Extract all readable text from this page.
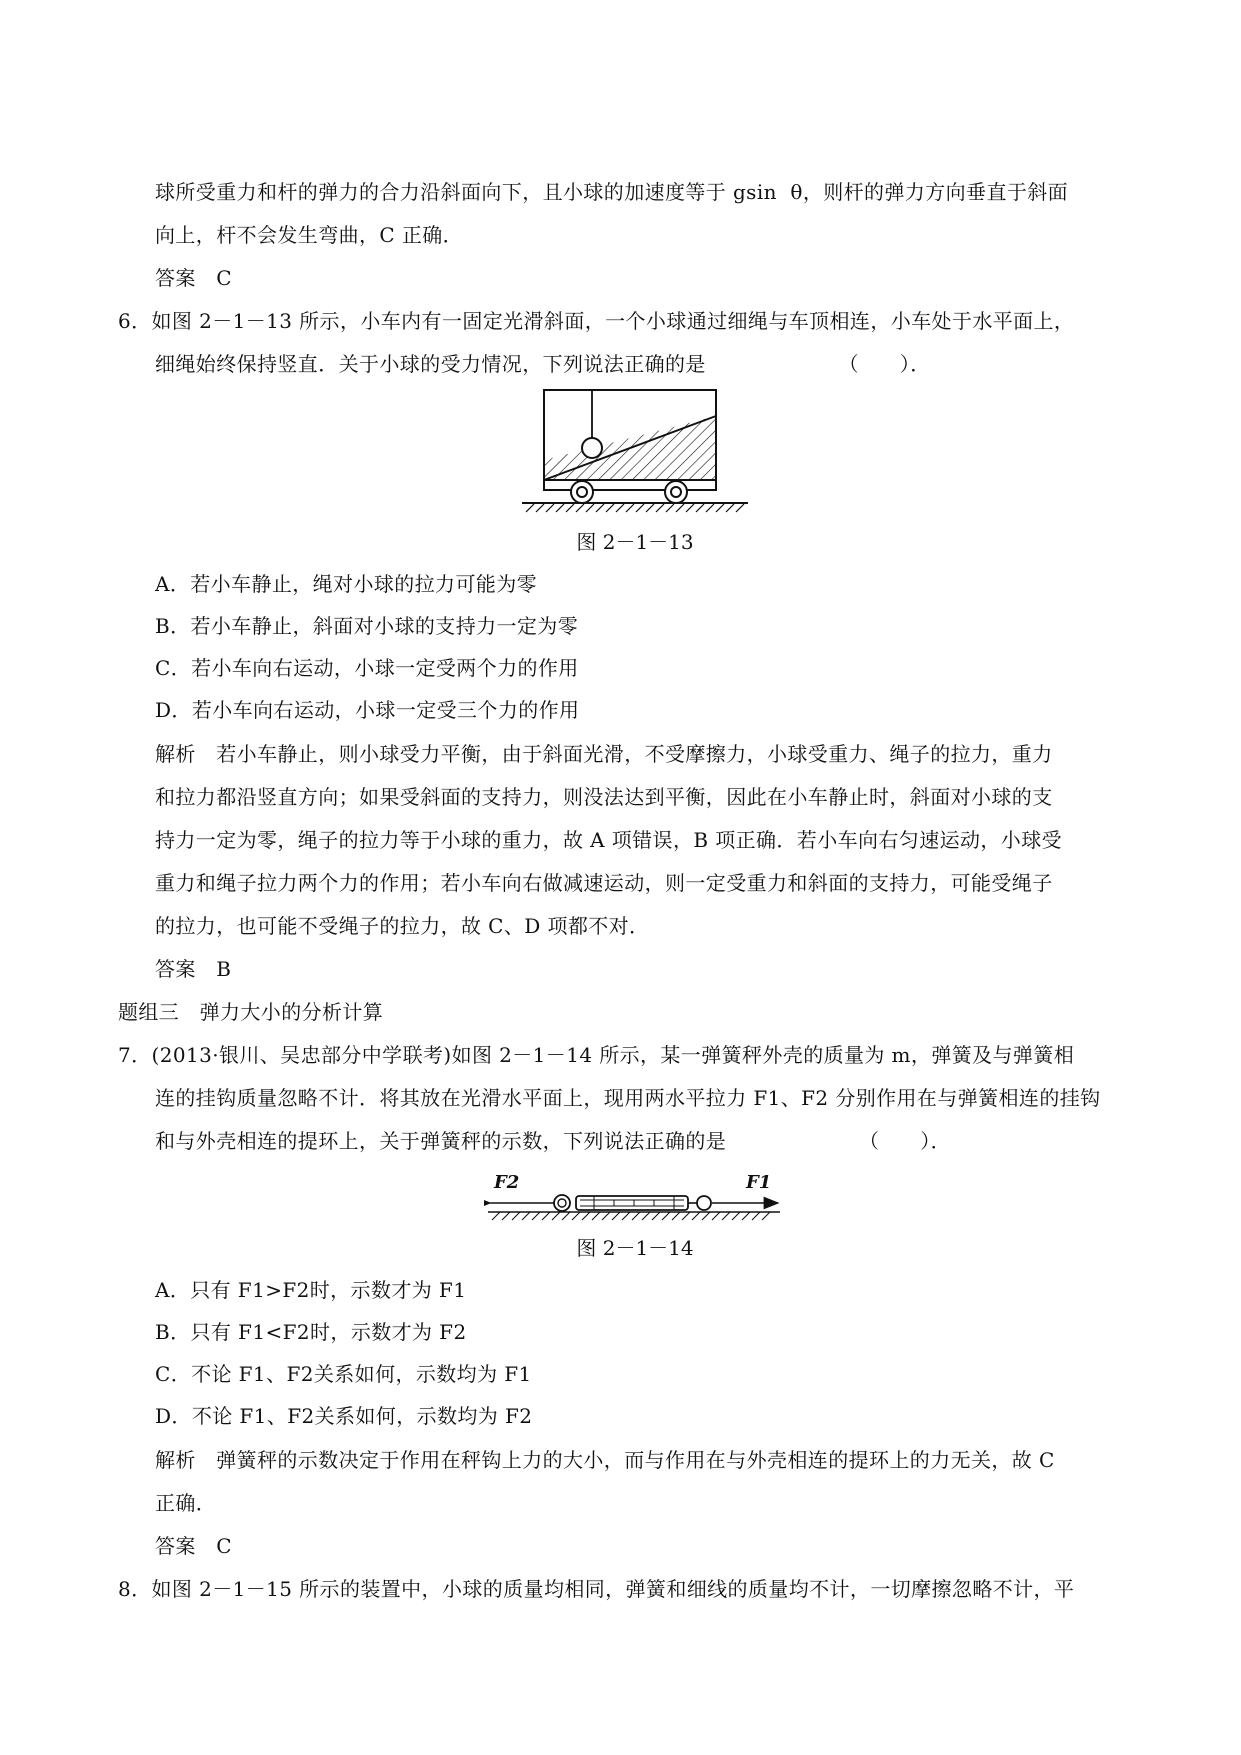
球所受重力和杆的弹力的合力沿斜面向下，且小球的加速度等于 gsin  θ，则杆的弹力方向垂直于斜面
向上，杆不会发生弯曲，C 正确．
答案　C
6．如图 2－1－13 所示，小车内有一固定光滑斜面，一个小球通过细绳与车顶相连，小车处于水平面上，
细绳始终保持竖直．关于小球的受力情况，下列说法正确的是　　　　　　　（　　）．
图 2－1－13
A．若小车静止，绳对小球的拉力可能为零
B．若小车静止，斜面对小球的支持力一定为零
C．若小车向右运动，小球一定受两个力的作用
D．若小车向右运动，小球一定受三个力的作用
解析　若小车静止，则小球受力平衡，由于斜面光滑，不受摩擦力，小球受重力、绳子的拉力，重力
和拉力都沿竖直方向；如果受斜面的支持力，则没法达到平衡，因此在小车静止时，斜面对小球的支
持力一定为零，绳子的拉力等于小球的重力，故 A 项错误，B 项正确．若小车向右匀速运动，小球受
重力和绳子拉力两个力的作用；若小车向右做减速运动，则一定受重力和斜面的支持力，可能受绳子
的拉力，也可能不受绳子的拉力，故 C、D 项都不对．
答案　B
题组三　弹力大小的分析计算
7．(2013·银川、吴忠部分中学联考)如图 2－1－14 所示，某一弹簧秤外壳的质量为 m，弹簧及与弹簧相
连的挂钩质量忽略不计．将其放在光滑水平面上，现用两水平拉力 F1、F2 分别作用在与弹簧相连的挂钩
和与外壳相连的提环上，关于弹簧秤的示数，下列说法正确的是　　　　　　　（　　）．
F2	F1
图 2－1－14
A．只有 F1>F2时，示数才为 F1
B．只有 F1<F2时，示数才为 F2
C．不论 F1、F2关系如何，示数均为 F1
D．不论 F1、F2关系如何，示数均为 F2
解析　弹簧秤的示数决定于作用在秤钩上力的大小，而与作用在与外壳相连的提环上的力无关，故 C
正确．
答案　C
8．如图 2－1－15 所示的装置中，小球的质量均相同，弹簧和细线的质量均不计，一切摩擦忽略不计，平
